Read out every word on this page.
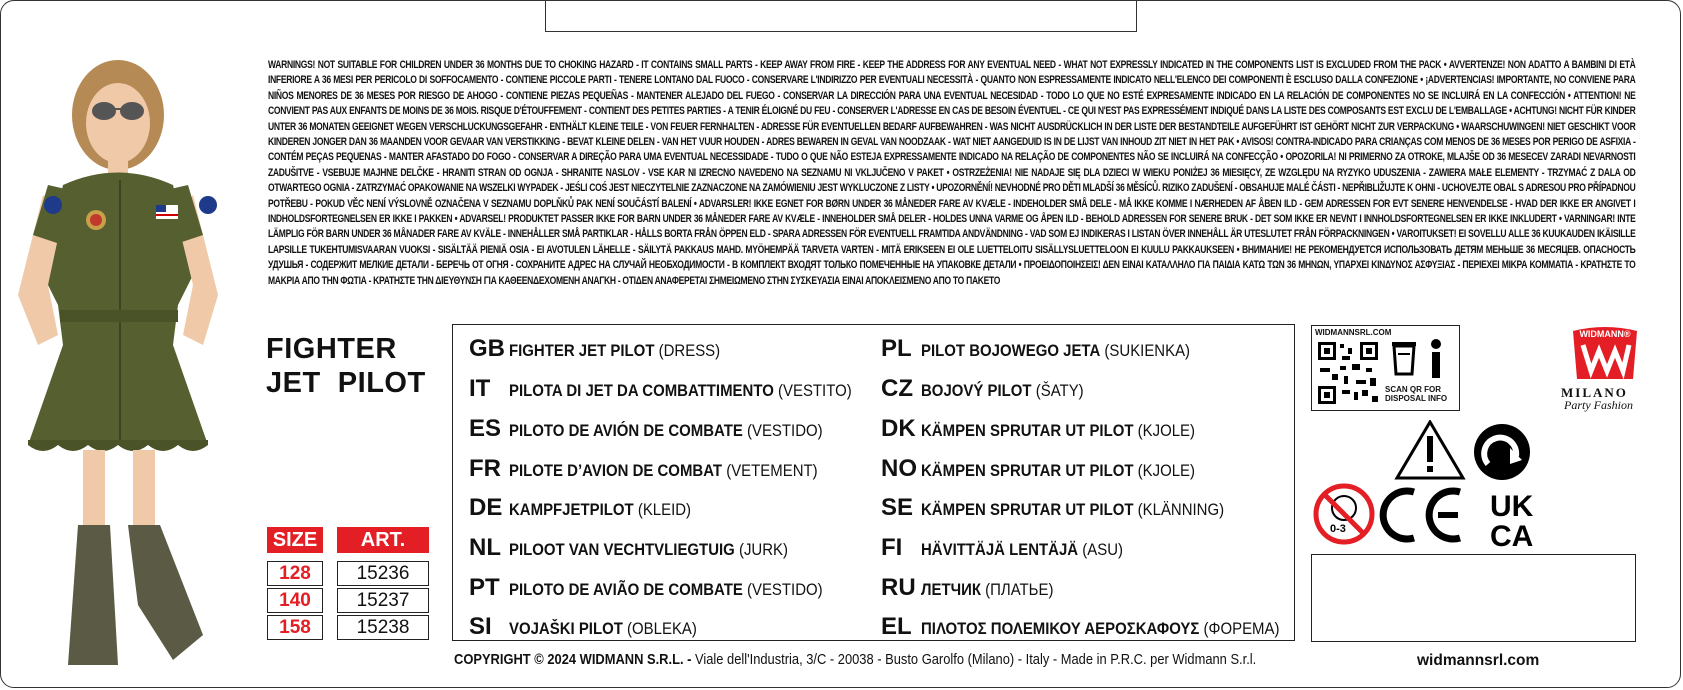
WARNINGS! NOT SUITABLE FOR CHILDREN UNDER 36 MONTHS DUE TO CHOKING HAZARD - IT CONTAINS SMALL PARTS - KEEP AWAY FROM FIRE - KEEP THE ADDRESS FOR ANY EVENTUAL NEED - WHAT NOT EXPRESSLY INDICATED IN THE COMPONENTS LIST IS EXCLUDED FROM THE PACK • AVVERTENZE! NON ADATTO A BAMBINI DI ETÀ INFERIORE A 36 MESI PER PERICOLO DI SOFFOCAMENTO - CONTIENE PICCOLE PARTI - TENERE LONTANO DAL FUOCO - CONSERVARE L'INDIRIZZO PER EVENTUALI NECESSITÀ - QUANTO NON ESPRESSAMENTE INDICATO NELL'ELENCO DEI COMPONENTI È ESCLUSO DALLA CONFEZIONE • ¡ADVERTENCIAS! IMPORTANTE, NO CONVIENE PARA NIÑOS MENORES DE 36 MESES POR RIESGO DE AHOGO - CONTIENE PIEZAS PEQUEÑAS - MANTENER ALEJADO DEL FUEGO - CONSERVAR LA DIRECCIÓN PARA UNA EVENTUAL NECESIDAD - TODO LO QUE NO ESTÉ EXPRESAMENTE INDICADO EN LA RELACIÓN DE COMPONENTES NO SE INCLUIRÁ EN LA CONFECCIÓN • ATTENTION! NE CONVIENT PAS AUX ENFANTS DE MOINS DE 36 MOIS. RISQUE D'ÉTOUFFEMENT - CONTIENT DES PETITES PARTIES - A TENIR ÉLOIGNÉ DU FEU - CONSERVER L'ADRESSE EN CAS DE BESOIN ÉVENTUEL - CE QUI N'EST PAS EXPRESSÉMENT INDIQUÉ DANS LA LISTE DES COMPOSANTS EST EXCLU DE L'EMBALLAGE • ACHTUNG! NICHT FÜR KINDER UNTER 36 MONATEN GEEIGNET WEGEN VERSCHLUCKUNGSGEFAHR - ENTHÄLT KLEINE TEILE - VON FEUER FERNHALTEN - ADRESSE FÜR EVENTUELLEN BEDARF AUFBEWAHREN - WAS NICHT AUSDRÜCKLICH IN DER LISTE DER BESTANDTEILE AUFGEFÜHRT IST GEHÖRT NICHT ZUR VERPACKUNG • WAARSCHUWINGEN! NIET GESCHIKT VOOR KINDEREN JONGER DAN 36 MAANDEN VOOR GEVAAR VAN VERSTIKKING - BEVAT KLEINE DELEN - VAN HET VUUR HOUDEN - ADRES BEWAREN IN GEVAL VAN NOODZAAK - WAT NIET AANGEDUID IS IN DE LIJST VAN INHOUD ZIT NIET IN HET PAK • AVISOS! CONTRA-INDICADO PARA CRIANÇAS COM MENOS DE 36 MESES POR PERIGO DE ASFIXIA - CONTÉM PEÇAS PEQUENAS - MANTER AFASTADO DO FOGO - CONSERVAR A DIREÇÃO PARA UMA EVENTUAL NECESSIDADE - TUDO O QUE NÃO ESTEJA EXPRESSAMENTE INDICADO NA RELAÇÃO DE COMPONENTES NÃO SE INCLUIRÁ NA CONFECÇÃO • OPOZORILA! NI PRIMERNO ZA OTROKE, MLAJŠE OD 36 MESECEV ZARADI NEVARNOSTI ZADUŠITVE - VSEBUJE MAJHNE DELČKE - HRANITI STRAN OD OGNJA - SHRANITE NASLOV - VSE KAR NI IZRECNO NAVEDENO NA SEZNAMU NI VKLJUČENO V PAKET • OSTRZEŻENIA! NIE NADAJE SIĘ DLA DZIECI W WIEKU PONIŻEJ 36 MIESIĘCY, ZE WZGLĘDU NA RYZYKO UDUSZENIA - ZAWIERA MAŁE ELEMENTY - TRZYMAĆ Z DALA OD OTWARTEGO OGNIA - ZATRZYMAĆ OPAKOWANIE NA WSZELKI WYPADEK - JEŚLI COŚ JEST NIECZYTELNIE ZAZNACZONE NA ZAMÓWIENIU JEST WYKLUCZONE Z LISTY • UPOZORNĚNÍ! NEVHODNÉ PRO DĚTI MLADŠÍ 36 MĚSÍCŮ. RIZIKO ZADUŠENÍ - OBSAHUJE MALÉ ČÁSTI - NEPŘIBLIŽUJTE K OHNI - UCHOVEJTE OBAL S ADRESOU PRO PŘÍPADNOU POTŘEBU - POKUD VĚC NENÍ VÝSLOVNĚ OZNAČENA V SEZNAMU DOPLŇKŮ PAK NENÍ SOUČÁSTÍ BALENÍ • ADVARSLER! IKKE EGNET FOR BØRN UNDER 36 MÅNEDER FARE AV KVÆLE - INDEHOLDER SMÅ DELE - MÅ IKKE KOMME I NÆRHEDEN AF ÅBEN ILD - GEM ADRESSEN FOR EVT SENERE HENVENDELSE - HVAD DER IKKE ER ANGIVET I INDHOLDSFORTEGNELSEN ER IKKE I PAKKEN • ADVARSEL! PRODUKTET PASSER IKKE FOR BARN UNDER 36 MÅNEDER FARE AV KVÆLE - INNEHOLDER SMÅ DELER - HOLDES UNNA VARME OG ÅPEN ILD - BEHOLD ADRESSEN FOR SENERE BRUK - DET SOM IKKE ER NEVNT I INNHOLDSFORTEGNELSEN ER IKKE INKLUDERT • VARNINGAR! INTE LÄMPLIG FÖR BARN UNDER 36 MÅNADER FARE AV KVÄLE - INNEHÅLLER SMÅ PARTIKLAR - HÅLLS BORTA FRÅN ÖPPEN ELD - SPARA ADRESSEN FÖR EVENTUELL FRAMTIDA ANDVÄNDNING - VAD SOM EJ INDIKERAS I LISTAN ÖVER INNEHÅLL ÄR UTESLUTET FRÅN FÖRPACKNINGEN • VAROITUKSET! EI SOVELLU ALLE 36 KUUKAUDEN IKÄISILLE LAPSILLE TUKEHTUMISVAARAN VUOKSI - SISÄLTÄÄ PIENIÄ OSIA - EI AVOTULEN LÄHELLE - SÄILYTÄ PAKKAUS MAHD. MYÖHEMPÄÄ TARVETA VARTEN - MITÄ ERIKSEEN EI OLE LUETTELOITU SISÄLLYSLUETTELOON EI KUULU PAKKAUKSEEN • ВНИМАНИЕ! НЕ РЕКОМЕНДУЕТСЯ ИСПОЛЬЗОВАТЬ ДЕТЯМ МЕНЬШЕ 36 МЕСЯЦЕВ. ОПАСНОСТЬ УДУШЬЯ - СОДЕРЖИТ МЕЛКИЕ ДЕТАЛИ - БЕРЕЧЬ ОТ ОГНЯ - СОХРАНИТЕ АДРЕС НА СЛУЧАЙ НЕОБХОДИМОСТИ - В КОМПЛЕКТ ВХОДЯТ ТОЛЬКО ПОМЕЧЕННЫЕ НА УПАКОВКЕ ДЕТАЛИ • ΠΡΟΕΙΔΟΠΟΙΗΣΕΙΣ! ΔΕΝ ΕΙΝΑΙ ΚΑΤΑΛΛΗΛΟ ΓΙΑ ΠΑΙΔΙΑ ΚΑΤΩ ΤΩΝ 36 ΜΗΝΩΝ, ΥΠΑΡΧΕΙ ΚΙΝΔΥΝΟΣ ΑΣΦΥΞΙΑΣ - ΠΕΡΙΕΧΕΙ ΜΙΚΡΑ ΚΟΜΜΑΤΙΑ - ΚΡΑΤΗΣΤΕ ΤΟ ΜΑΚΡΙΑ ΑΠΟ ΤΗΝ ΦΩΤΙΑ - ΚΡΑΤΗΣΤΕ ΤΗΝ ΔΙΕΥΘΥΝΣΗ ΓΙΑ ΚΑΘΕΕΝΔΕΧΟΜΕΝΗ ΑΝΑΓΚΗ - ΟΤΙΔΕΝ ΑΝΑΦΕΡΕΤΑΙ ΣΗΜΕΙΩΜΕΝΟ ΣΤΗΝ ΣΥΣΚΕΥΑΣΙΑ ΕΙΝΑΙ ΑΠΟΚΛΕΙΣΜΕΝΟ ΑΠΟ ΤΟ ΠΑΚΕΤΟ
FIGHTER
JET  PILOT
SIZE	ART.
128	15236
140	15237
158	15238
GB FIGHTER JET PILOT (DRESS)
IT	PILOTA DI JET DA COMBATTIMENTO (VESTITO)
ES PILOTO DE AVIÓN DE COMBATE (VESTIDO)
FR PILOTE D’AVION DE COMBAT (VETEMENT)
DE KAMPFJETPILOT (KLEID)
NL PILOOT VAN VECHTVLIEGTUIG (JURK)
PT PILOTO DE AVIÃO DE COMBATE (VESTIDO)
SI	VOJAŠKI PILOT (OBLEKA)
PL PILOT BOJOWEGO JETA (SUKIENKA)
CZ BOJOVÝ PILOT (ŠATY)
DK KÄMPEN SPRUTAR UT PILOT (KJOLE)
NO KÄMPEN SPRUTAR UT PILOT (KJOLE)
SE KÄMPEN SPRUTAR UT PILOT (KLÄNNING)
FI	HÄVITTÄJÄ LENTÄJÄ (ASU)
RU ЛЕТЧИК (ПЛАТЬЕ)
EL ΠΙΛΟΤΟΣ ΠΟΛΕΜΙΚΟΥ ΑΕΡΟΣΚΑΦΟΥΣ (ΦΟΡΕΜΑ)
COPYRIGHT © 2024 WIDMANN S.R.L. - Viale dell'Industria, 3/C - 20038 - Busto Garolfo (Milano) - Italy - Made in P.R.C. per Widmann S.r.l.	widmannsrl.com
WIDMANNSRL.COM
SCAN QR FOR DISPOSAL INFO
WIDMANN®
MILANO
Party Fashion
0-3
UK
CA
